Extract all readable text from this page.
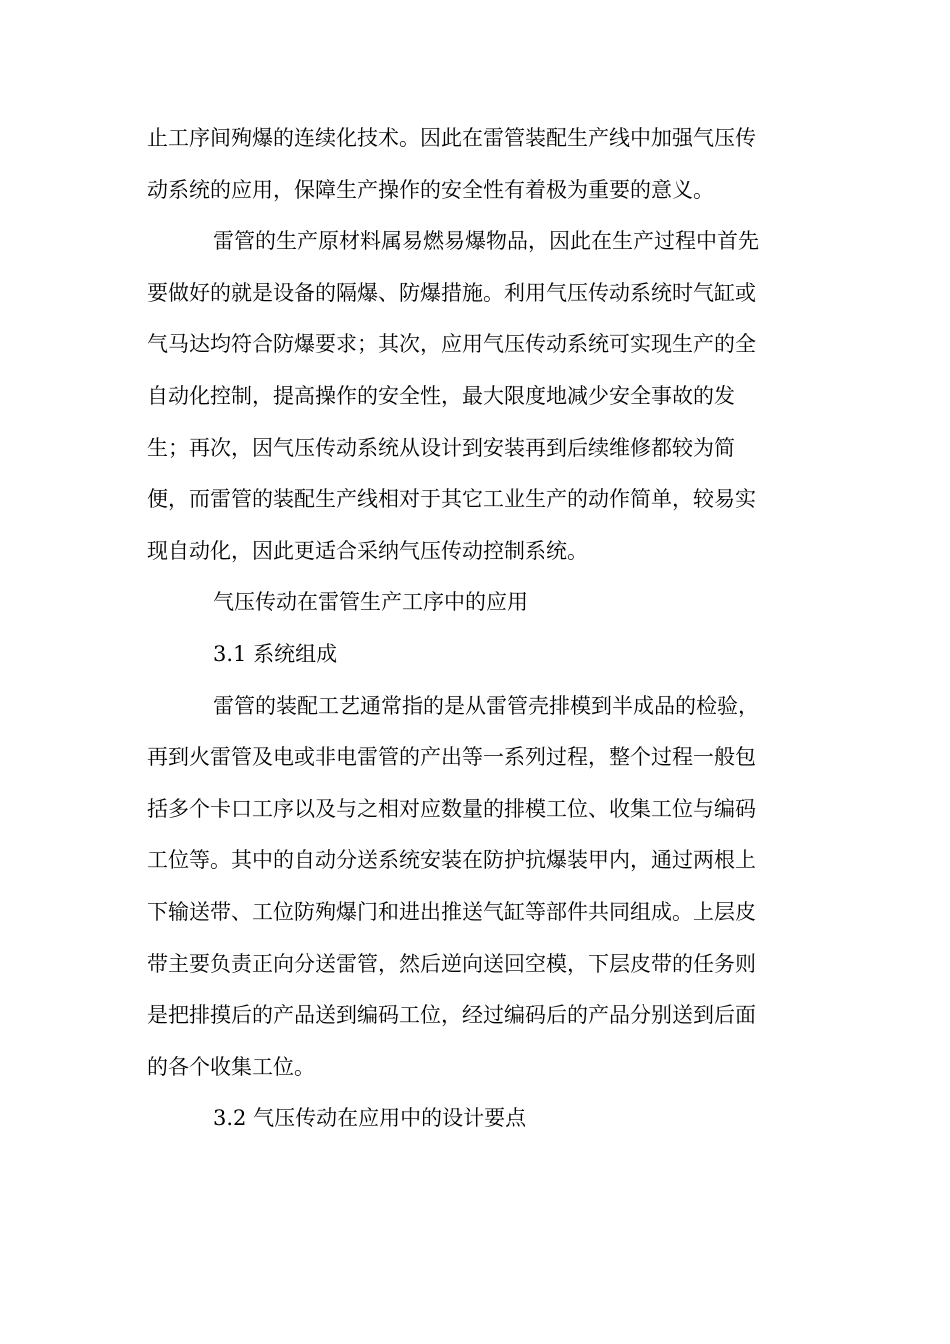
止工序间殉爆的连续化技术。因此在雷管装配生产线中加强气压传
动系统的应用，保障生产操作的安全性有着极为重要的意义。
雷管的生产原材料属易燃易爆物品，因此在生产过程中首先
要做好的就是设备的隔爆、防爆措施。利用气压传动系统时气缸或
气马达均符合防爆要求；其次，应用气压传动系统可实现生产的全
自动化控制，提高操作的安全性，最大限度地减少安全事故的发
生；再次，因气压传动系统从设计到安装再到后续维修都较为简
便，而雷管的装配生产线相对于其它工业生产的动作简单，较易实
现自动化，因此更适合采纳气压传动控制系统。
气压传动在雷管生产工序中的应用
3.1 系统组成
雷管的装配工艺通常指的是从雷管壳排模到半成品的检验，
再到火雷管及电或非电雷管的产出等一系列过程，整个过程一般包
括多个卡口工序以及与之相对应数量的排模工位、收集工位与编码
工位等。其中的自动分送系统安装在防护抗爆装甲内，通过两根上
下输送带、工位防殉爆门和进出推送气缸等部件共同组成。上层皮
带主要负责正向分送雷管，然后逆向送回空模，下层皮带的任务则
是把排摸后的产品送到编码工位，经过编码后的产品分别送到后面
的各个收集工位。
3.2 气压传动在应用中的设计要点
